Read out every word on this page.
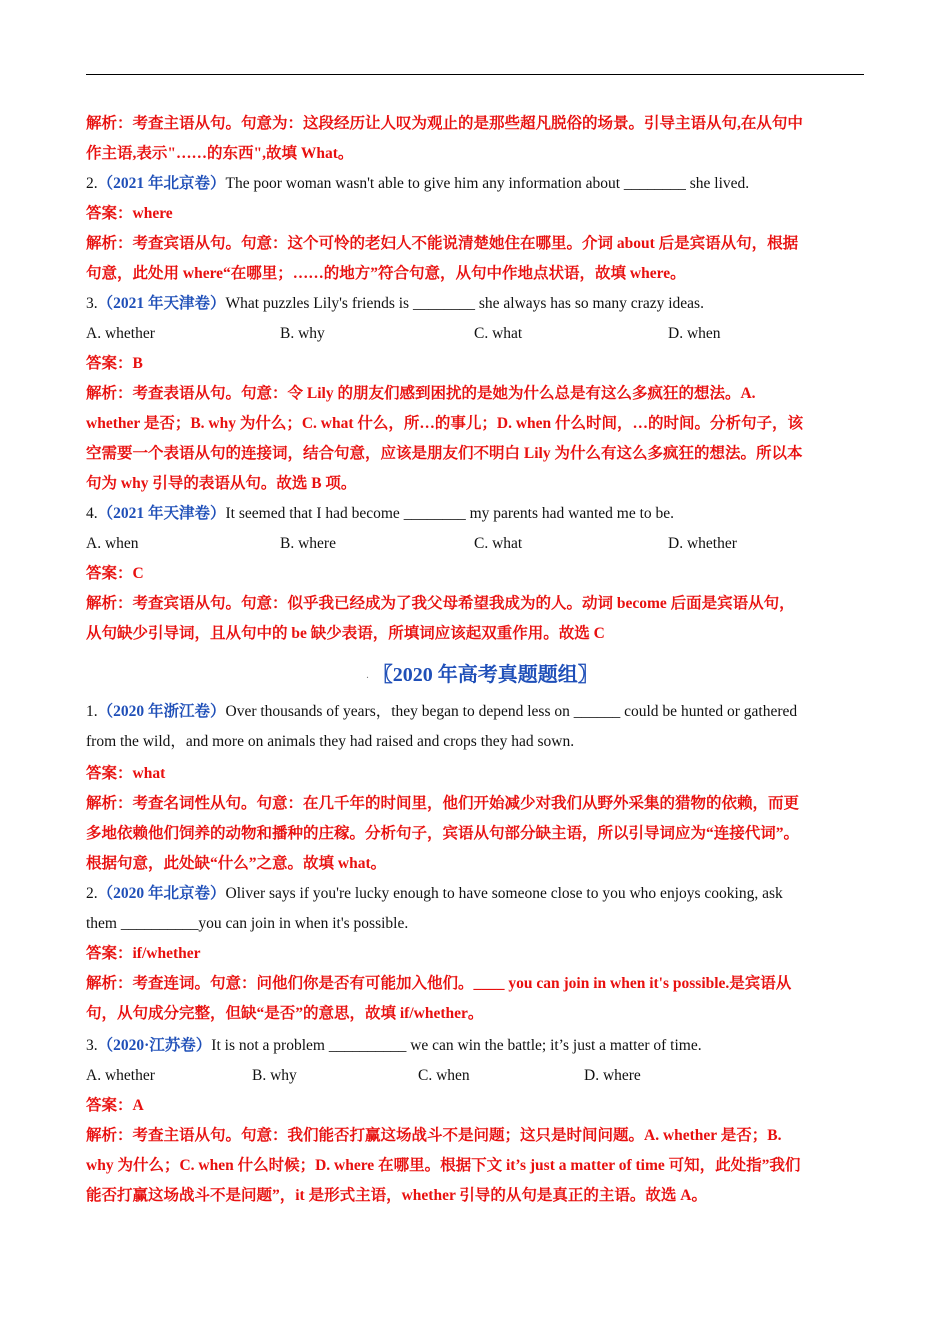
解析：考查主语从句。句意为：这段经历让人叹为观止的是那些超凡脱俗的场景。引导主语从句,在从句中
作主语,表示"……的东西",故填 What。
2.（2021 年北京卷）The poor woman wasn't able to give him any information about ________ she lived.
答案：where
解析：考查宾语从句。句意：这个可怜的老妇人不能说清楚她住在哪里。介词 about 后是宾语从句，根据
句意，此处用 where“在哪里；……的地方”符合句意，从句中作地点状语，故填 where。
3.（2021 年天津卷）What puzzles Lily's friends is ________ she always has so many crazy ideas.
A. whether	B. why	C. what	D. when
答案：B
解析：考查表语从句。句意：令 Lily 的朋友们感到困扰的是她为什么总是有这么多疯狂的想法。A.
whether 是否；B. why 为什么；C. what 什么，所…的事儿；D. when 什么时间，…的时间。分析句子，该
空需要一个表语从句的连接词，结合句意，应该是朋友们不明白 Lily 为什么有这么多疯狂的想法。所以本
句为 why 引导的表语从句。故选 B 项。
4.（2021 年天津卷）It seemed that I had become ________ my parents had wanted me to be.
A. when	B. where	C. what	D. whether
答案：C
解析：考查宾语从句。句意：似乎我已经成为了我父母希望我成为的人。动词 become 后面是宾语从句，
从句缺少引导词，且从句中的 be 缺少表语，所填词应该起双重作用。故选 C
. 〖2020 年高考真题题组〗
1.（2020 年浙江卷）Over thousands of years，they began to depend less on ______ could be hunted or gathered
from the wild，and more on animals they had raised and crops they had sown.
答案：what
解析：考查名词性从句。句意：在几千年的时间里，他们开始减少对我们从野外采集的猎物的依赖，而更
多地依赖他们饲养的动物和播种的庄稼。分析句子，宾语从句部分缺主语，所以引导词应为“连接代词”。
根据句意，此处缺“什么”之意。故填 what。
2.（2020 年北京卷）Oliver says if you're lucky enough to have someone close to you who enjoys cooking, ask
them __________you can join in when it's possible.
答案：if/whether
解析：考查连词。句意：问他们你是否有可能加入他们。____ you can join in when it's possible.是宾语从
句，从句成分完整，但缺“是否”的意思，故填 if/whether。
3.（2020·江苏卷）It is not a problem __________ we can win the battle; it’s just a matter of time.
A. whether	B. why	C. when	D. where
答案：A
解析：考查主语从句。句意：我们能否打赢这场战斗不是问题；这只是时间问题。A. whether 是否；B.
why 为什么；C. when 什么时候；D. where 在哪里。根据下文 it’s just a matter of time 可知，此处指”我们
能否打赢这场战斗不是问题”，it 是形式主语，whether 引导的从句是真正的主语。故选 A。
